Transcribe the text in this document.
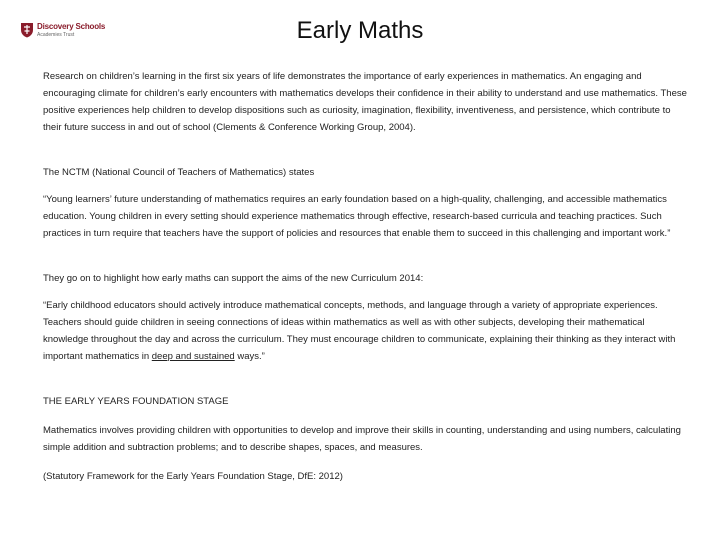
Discovery Schools
Academies Trust	Early Maths

Research on children’s learning in the first six years of life demonstrates the importance of early experiences in mathematics. An engaging and encouraging climate for children’s early encounters with mathematics develops their confidence in their ability to understand and use mathematics. These positive experiences help children to develop dispositions such as curiosity, imagination, flexibility, inventiveness, and persistence, which contribute to their future success in and out of school (Clements & Conference Working Group, 2004).

The NCTM (National Council of Teachers of Mathematics) states

“Young learners’ future understanding of mathematics requires an early foundation based on a high-quality, challenging, and accessible mathematics education. Young children in every setting should experience mathematics through effective, research-based curricula and teaching practices. Such practices in turn require that teachers have the support of policies and resources that enable them to succeed in this challenging and important work.”

They go on to highlight how early maths can support the aims of the new Curriculum 2014:

“Early childhood educators should actively introduce mathematical concepts, methods, and language through a variety of appropriate experiences. Teachers should guide children in seeing connections of ideas within mathematics as well as with other subjects, developing their mathematical knowledge throughout the day and across the curriculum. They must encourage children to communicate, explaining their thinking as they interact with important mathematics in deep and sustained ways.”

THE EARLY YEARS FOUNDATION STAGE

Mathematics involves providing children with opportunities to develop and improve their skills in counting, understanding and using numbers, calculating simple addition and subtraction problems; and to describe shapes, spaces, and measures.

(Statutory Framework for the Early Years Foundation Stage, DfE: 2012)
